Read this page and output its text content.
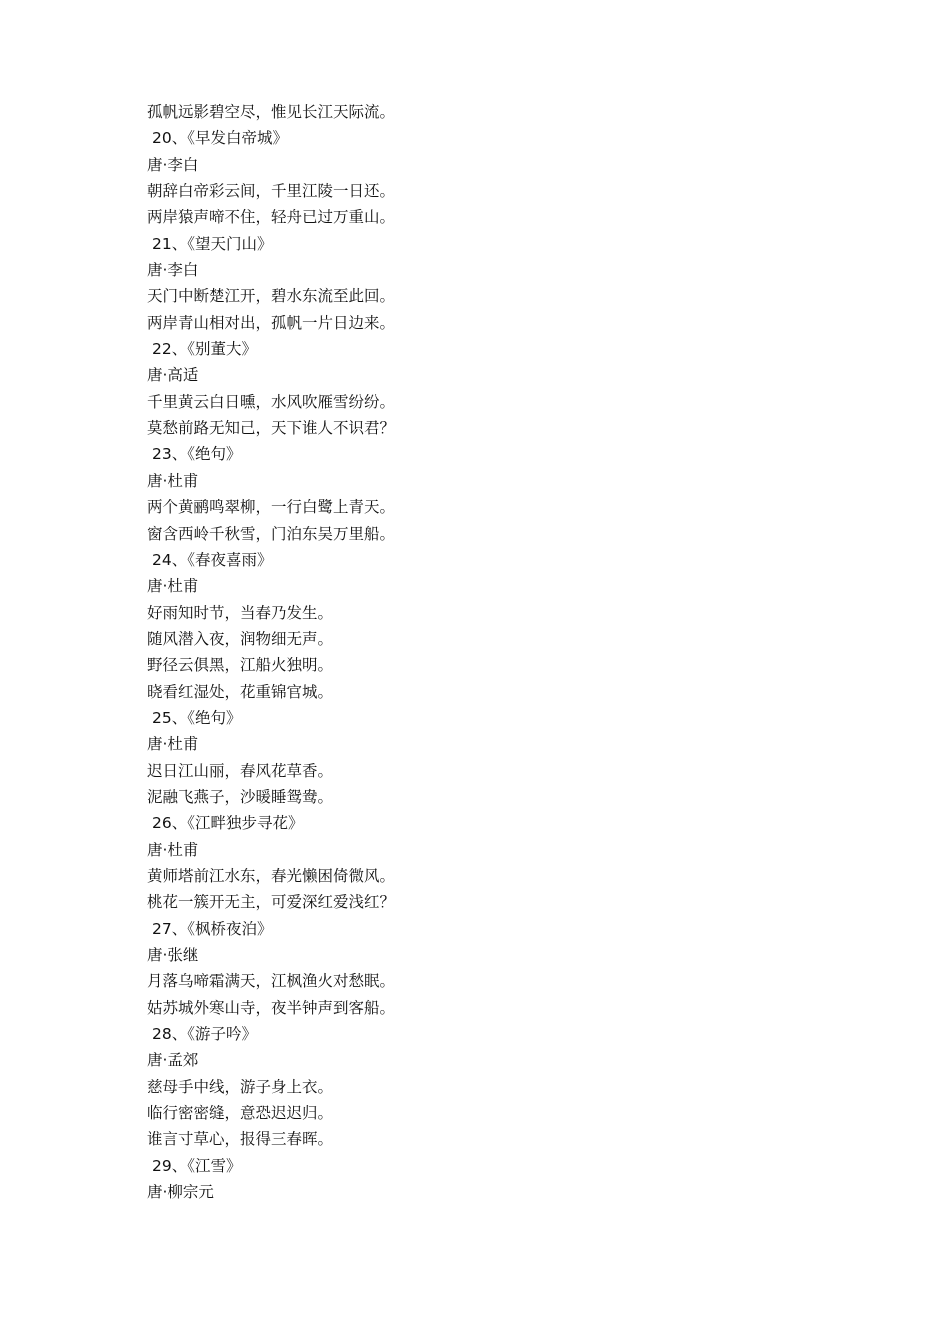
孤帆远影碧空尽，惟见长江天际流。

20、《早发白帝城》

唐·李白

朝辞白帝彩云间，千里江陵一日还。

两岸猿声啼不住，轻舟已过万重山。

21、《望天门山》

唐·李白

天门中断楚江开，碧水东流至此回。

两岸青山相对出，孤帆一片日边来。

22、《别董大》

唐·高适

千里黄云白日曛，水风吹雁雪纷纷。

莫愁前路无知己，天下谁人不识君？

23、《绝句》

唐·杜甫

两个黄鹂鸣翠柳，一行白鹭上青天。

窗含西岭千秋雪，门泊东吴万里船。

24、《春夜喜雨》

唐·杜甫

好雨知时节，当春乃发生。

随风潜入夜，润物细无声。

野径云俱黑，江船火独明。

晓看红湿处，花重锦官城。

25、《绝句》

唐·杜甫

迟日江山丽，春风花草香。

泥融飞燕子，沙暖睡鸳鸯。

26、《江畔独步寻花》

唐·杜甫

黄师塔前江水东，春光懒困倚微风。

桃花一簇开无主，可爱深红爱浅红？

27、《枫桥夜泊》

唐·张继

月落乌啼霜满天，江枫渔火对愁眠。

姑苏城外寒山寺，夜半钟声到客船。

28、《游子吟》

唐·孟郊

慈母手中线，游子身上衣。

临行密密缝，意恐迟迟归。

谁言寸草心，报得三春晖。

29、《江雪》

唐·柳宗元
